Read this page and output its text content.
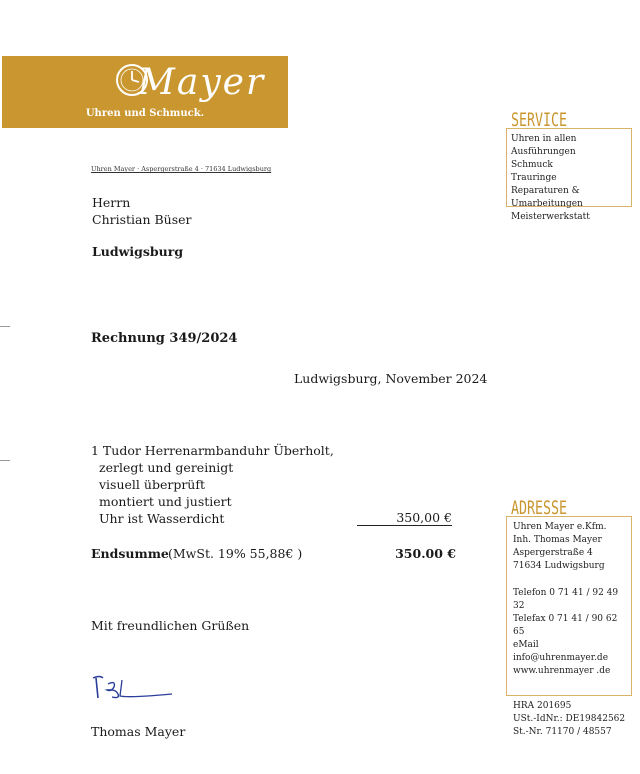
Mayer
Uhren und Schmuck.
Uhren Mayer · Aspergerstraße 4 · 71634 Ludwigsburg
Herrn
Christian Büser
Ludwigsburg
Rechnung 349/2024
Ludwigsburg, November 2024
1 Tudor Herrenarmbanduhr Überholt,
zerlegt und gereinigt
visuell überprüft
montiert und justiert
Uhr ist Wasserdicht	350,00 €
Endsumme (MwSt. 19% 55,88€ )	350.00 €
Mit freundlichen Grüßen
Thomas Mayer
SERVICE
Uhren in allen Ausführungen
Schmuck
Trauringe
Reparaturen & Umarbeitungen
Meisterwerkstatt
ADRESSE
Uhren Mayer e.Kfm.
Inh. Thomas Mayer
Aspergerstraße 4
71634 Ludwigsburg
Telefon 0 71 41 / 92 49 32
Telefax 0 71 41 / 90 62 65
eMail info@uhrenmayer.de
www.uhrenmayer .de
HRA 201695
USt.-IdNr.: DE19842562
St.-Nr. 71170 / 48557
